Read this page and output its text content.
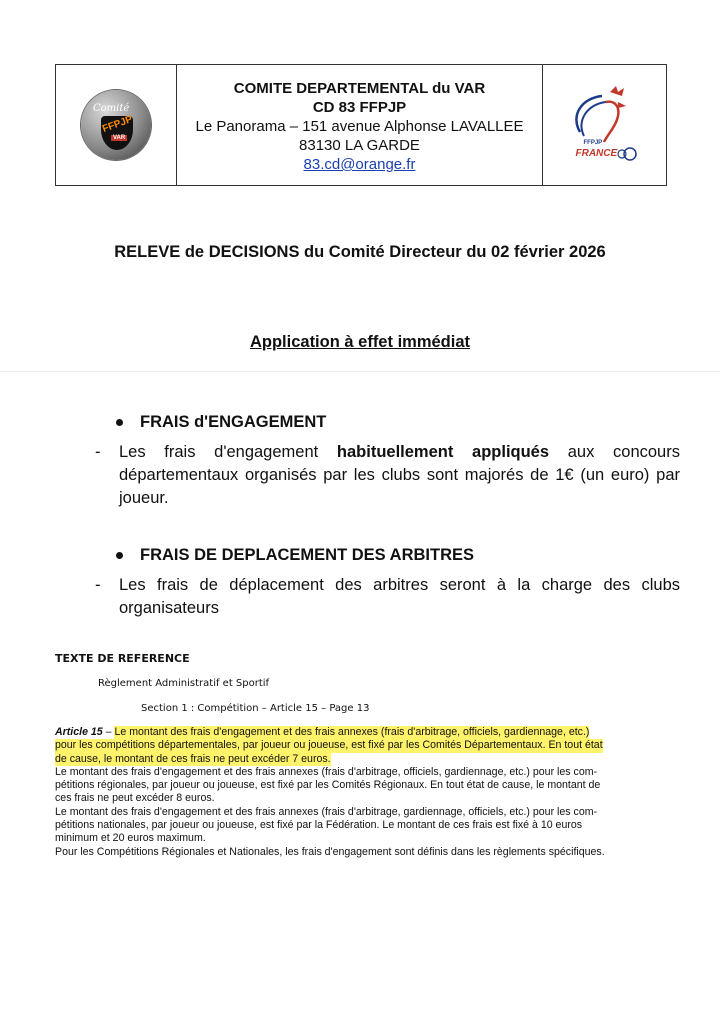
Comité
FFPJP
VAR
COMITE DEPARTEMENTAL du VAR
CD 83 FFPJP
Le Panorama – 151 avenue Alphonse LAVALLEE
83130 LA GARDE
83.cd@orange.fr
FFPJP
FRANCE
RELEVE de DECISIONS du Comité Directeur du 02 février 2026
Application à effet immédiat
FRAIS d'ENGAGEMENT
-	Les frais d'engagement habituellement appliqués aux concours départementaux organisés par les clubs sont majorés de 1€ (un euro) par joueur.
FRAIS DE DEPLACEMENT DES ARBITRES
-	Les frais de déplacement des arbitres seront à la charge des clubs organisateurs
TEXTE DE REFERENCE
Règlement Administratif et Sportif
Section 1 : Compétition – Article 15 – Page 13
Article 15 – Le montant des frais d'engagement et des frais annexes (frais d'arbitrage, officiels, gardiennage, etc.)
pour les compétitions départementales, par joueur ou joueuse, est fixé par les Comités Départementaux. En tout état
de cause, le montant de ces frais ne peut excéder 7 euros.
Le montant des frais d'engagement et des frais annexes (frais d'arbitrage, officiels, gardiennage, etc.) pour les com-
pétitions régionales, par joueur ou joueuse, est fixé par les Comités Régionaux. En tout état de cause, le montant de
ces frais ne peut excéder 8 euros.
Le montant des frais d'engagement et des frais annexes (frais d'arbitrage, gardiennage, officiels, etc.) pour les com-
pétitions nationales, par joueur ou joueuse, est fixé par la Fédération. Le montant de ces frais est fixé à 10 euros
minimum et 20 euros maximum.
Pour les Compétitions Régionales et Nationales, les frais d'engagement sont définis dans les règlements spécifiques.
